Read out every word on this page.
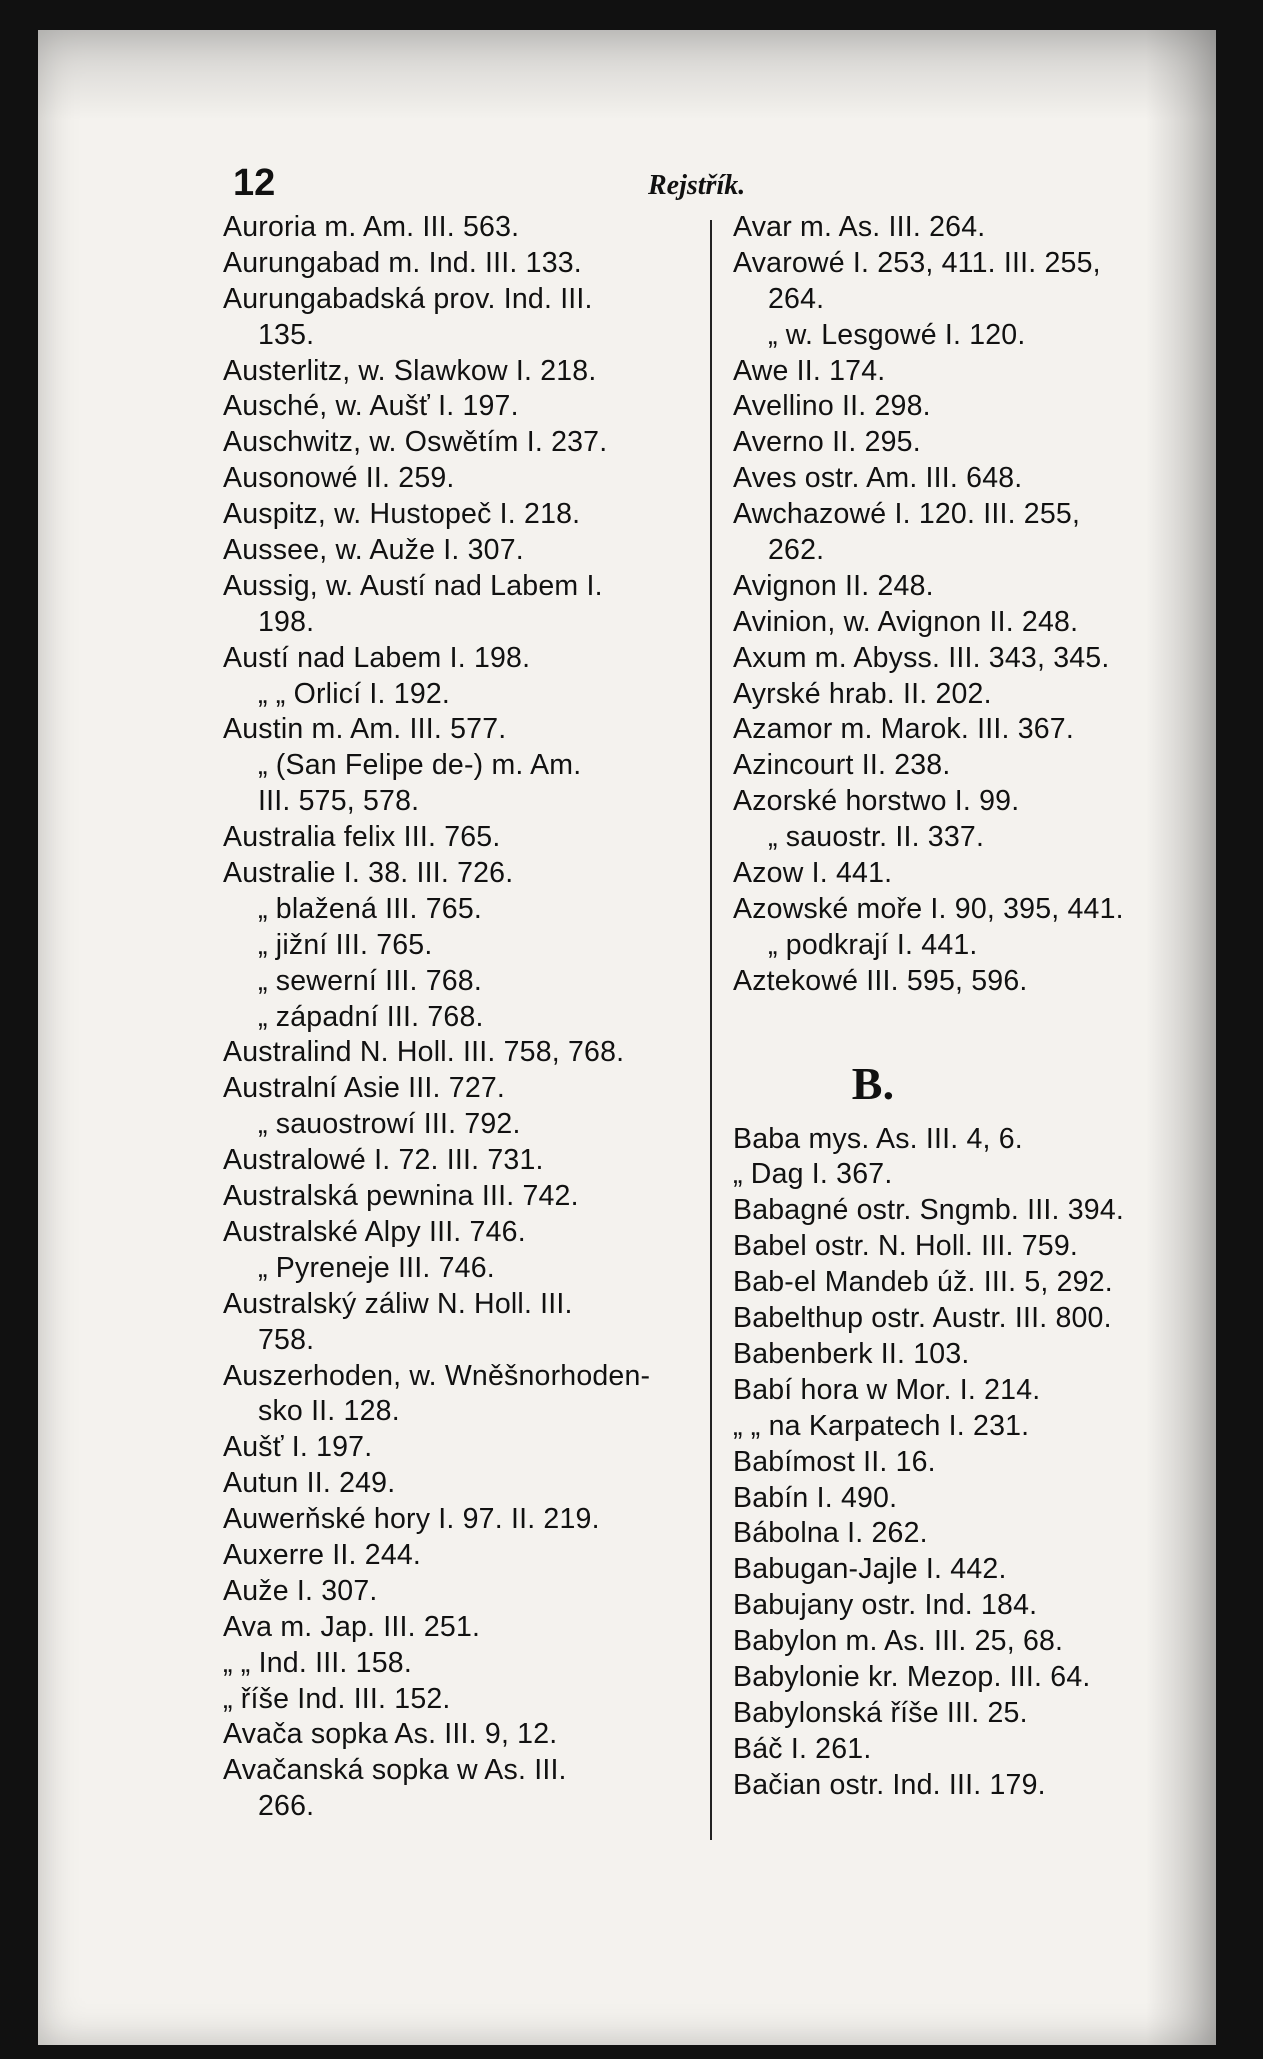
12	Rejstřík.
Auroria m. Am. III. 563.
Aurungabad m. Ind. III. 133.
Aurungabadská prov. Ind. III.
135.
Austerlitz, w. Slawkow I. 218.
Ausché, w. Aušť I. 197.
Auschwitz, w. Oswětím I. 237.
Ausonowé II. 259.
Auspitz, w. Hustopeč I. 218.
Aussee, w. Auže I. 307.
Aussig, w. Austí nad Labem I.
198.
Austí nad Labem I. 198.
„ „ Orlicí I. 192.
Austin m. Am. III. 577.
„ (San Felipe de-) m. Am.
III. 575, 578.
Australia felix III. 765.
Australie I. 38. III. 726.
„ blažená III. 765.
„ jižní III. 765.
„ sewerní III. 768.
„ západní III. 768.
Australind N. Holl. III. 758, 768.
Australní Asie III. 727.
„ sauostrowí III. 792.
Australowé I. 72. III. 731.
Australská pewnina III. 742.
Australské Alpy III. 746.
„ Pyreneje III. 746.
Australský záliw N. Holl. III.
758.
Auszerhoden, w. Wněšnorhoden-
sko II. 128.
Aušť I. 197.
Autun II. 249.
Auwerňské hory I. 97. II. 219.
Auxerre II. 244.
Auže I. 307.
Ava m. Jap. III. 251.
„ „ Ind. III. 158.
„ říše Ind. III. 152.
Avača sopka As. III. 9, 12.
Avačanská sopka w As. III.
266.
Avar m. As. III. 264.
Avarowé I. 253, 411. III. 255,
264.
„ w. Lesgowé I. 120.
Awe II. 174.
Avellino II. 298.
Averno II. 295.
Aves ostr. Am. III. 648.
Awchazowé I. 120. III. 255,
262.
Avignon II. 248.
Avinion, w. Avignon II. 248.
Axum m. Abyss. III. 343, 345.
Ayrské hrab. II. 202.
Azamor m. Marok. III. 367.
Azincourt II. 238.
Azorské horstwo I. 99.
„ sauostr. II. 337.
Azow I. 441.
Azowské moře I. 90, 395, 441.
„ podkrají I. 441.
Aztekowé III. 595, 596.
B.
Baba mys. As. III. 4, 6.
„ Dag I. 367.
Babagné ostr. Sngmb. III. 394.
Babel ostr. N. Holl. III. 759.
Bab-el Mandeb úž. III. 5, 292.
Babelthup ostr. Austr. III. 800.
Babenberk II. 103.
Babí hora w Mor. I. 214.
„ „ na Karpatech I. 231.
Babímost II. 16.
Babín I. 490.
Bábolna I. 262.
Babugan-Jajle I. 442.
Babujany ostr. Ind. 184.
Babylon m. As. III. 25, 68.
Babylonie kr. Mezop. III. 64.
Babylonská říše III. 25.
Báč I. 261.
Bačian ostr. Ind. III. 179.
